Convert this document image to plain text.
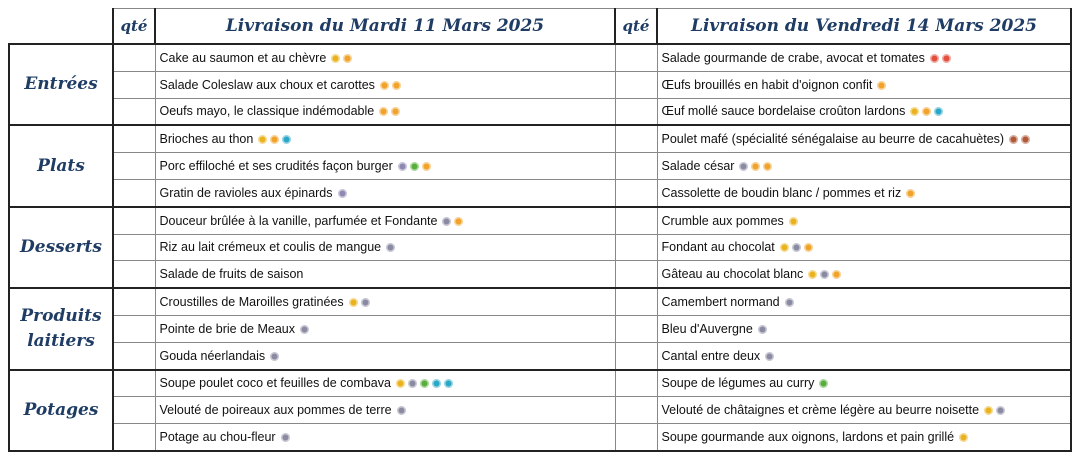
	qté	Livraison du Mardi 11 Mars 2025	qté	Livraison du Vendredi 14 Mars 2025
Entrées		Cake au saumon et au chèvre		Salade gourmande de crabe, avocat et tomates
		Salade Coleslaw aux choux et carottes		Œufs brouillés en habit d'oignon confit
		Oeufs mayo, le classique indémodable		Œuf mollé sauce bordelaise croûton lardons
Plats		Brioches au thon		Poulet mafé (spécialité sénégalaise au beurre de cacahuètes)
		Porc effiloché et ses crudités façon burger		Salade césar
		Gratin de ravioles aux épinards		Cassolette de boudin blanc / pommes et riz
Desserts		Douceur brûlée à la vanille, parfumée et Fondante		Crumble aux pommes
		Riz au lait crémeux et coulis de mangue		Fondant au chocolat
		Salade de fruits de saison		Gâteau au chocolat blanc
Produits laitiers		Croustilles de Maroilles gratinées		Camembert normand
		Pointe de brie de Meaux		Bleu d'Auvergne
		Gouda néerlandais		Cantal entre deux
Potages		Soupe poulet coco et feuilles de combava		Soupe de légumes au curry
		Velouté de poireaux aux pommes de terre		Velouté de châtaignes et crème légère au beurre noisette
		Potage au chou-fleur		Soupe gourmande aux oignons, lardons et pain grillé
